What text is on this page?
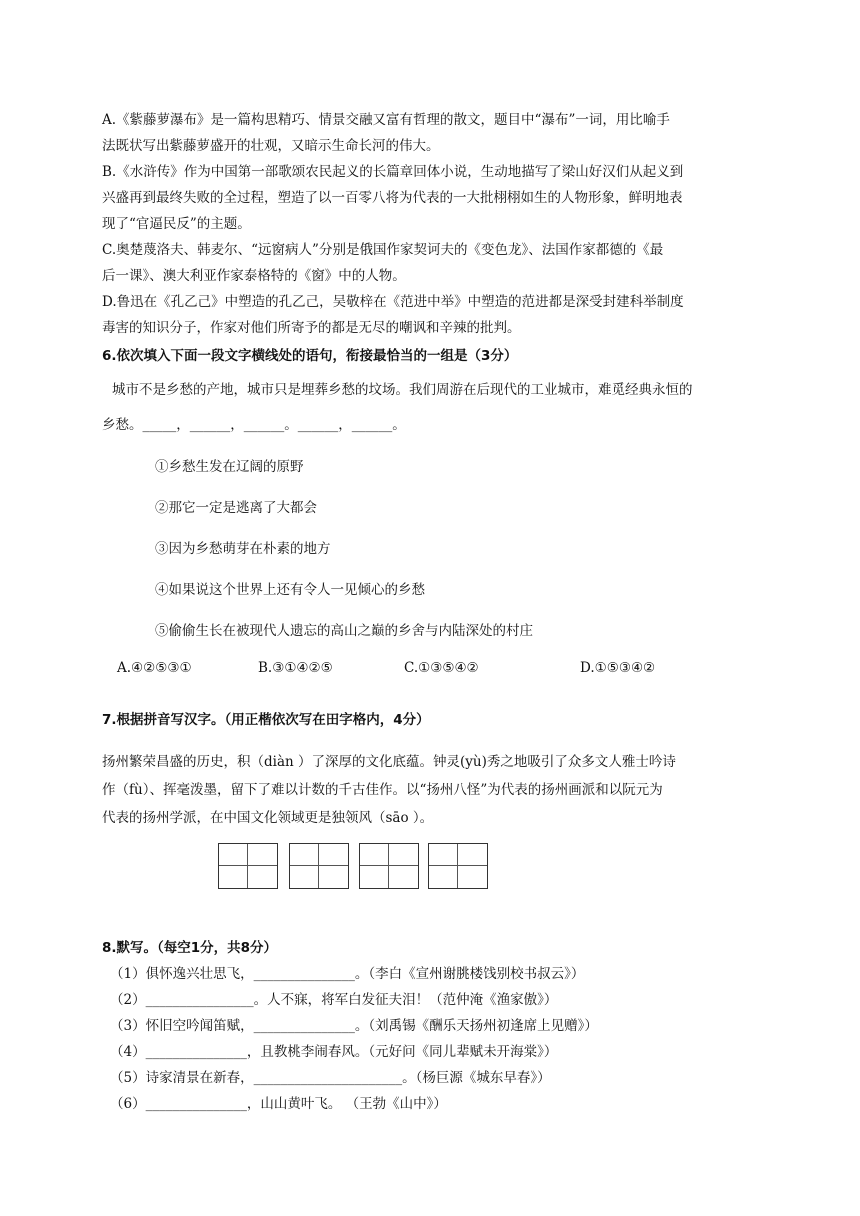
A.《紫藤萝瀑布》是一篇构思精巧、情景交融又富有哲理的散文，题目中“瀑布”一词，用比喻手
法既状写出紫藤萝盛开的壮观，又暗示生命长河的伟大。
B.《水浒传》作为中国第一部歌颂农民起义的长篇章回体小说，生动地描写了梁山好汉们从起义到
兴盛再到最终失败的全过程，塑造了以一百零八将为代表的一大批栩栩如生的人物形象，鲜明地表
现了“官逼民反”的主题。
C.奥楚蔑洛夫、韩麦尔、“远窗病人”分别是俄国作家契诃夫的《变色龙》、法国作家都德的《最
后一课》、澳大利亚作家泰格特的《窗》中的人物。
D.鲁迅在《孔乙己》中塑造的孔乙己，吴敬梓在《范进中举》中塑造的范进都是深受封建科举制度
毒害的知识分子，作家对他们所寄予的都是无尽的嘲讽和辛辣的批判。
6.依次填入下面一段文字横线处的语句，衔接最恰当的一组是（3分）
城市不是乡愁的产地，城市只是埋葬乡愁的坟场。我们周游在后现代的工业城市，难觅经典永恒的
乡愁。_____，______，______。______，______。
①乡愁生发在辽阔的原野
②那它一定是逃离了大都会
③因为乡愁萌芽在朴素的地方
④如果说这个世界上还有令人一见倾心的乡愁
⑤偷偷生长在被现代人遗忘的高山之巅的乡舍与内陆深处的村庄
A.④②⑤③①	B.③①④②⑤	C.①③⑤④②	D.①⑤③④②
7.根据拼音写汉字。（用正楷依次写在田字格内，4分）
扬州繁荣昌盛的历史，积（diàn ）了深厚的文化底蕴。钟灵(yù)秀之地吸引了众多文人雅士吟诗
作（fù）、挥毫泼墨，留下了难以计数的千古佳作。以“扬州八怪”为代表的扬州画派和以阮元为
代表的扬州学派，在中国文化领域更是独领风（sāo ）。
8.默写。（每空1分，共8分）
（1）俱怀逸兴壮思飞，_______________。（李白《宣州谢朓楼饯别校书叔云》）
（2）________________。人不寐，将军白发征夫泪！（范仲淹《渔家傲》）
（3）怀旧空吟闻笛赋，_______________。（刘禹锡《酬乐天扬州初逢席上见赠》）
（4）_______________，且教桃李闹春风。（元好问《同儿辈赋未开海棠》）
（5）诗家清景在新春，______________________。（杨巨源《城东早春》）
（6）_______________，山山黄叶飞。 （王勃《山中》）
